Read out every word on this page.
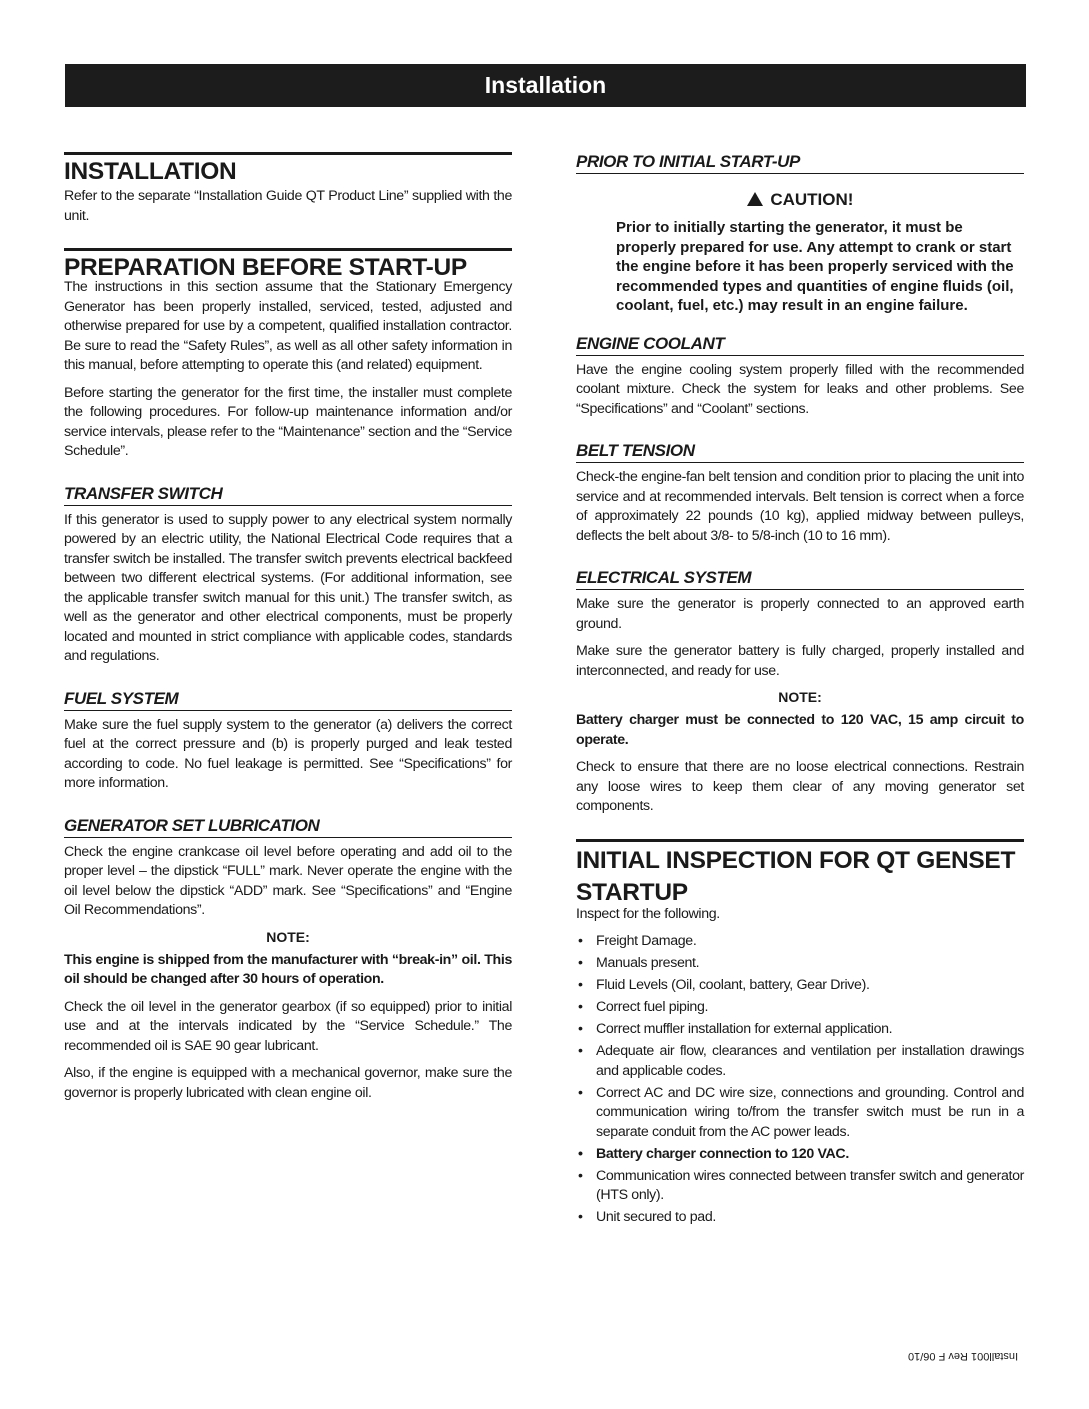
Installation
INSTALLATION

Refer to the separate “Installation Guide QT Product Line” supplied with the unit.

PREPARATION BEFORE START-UP

The instructions in this section assume that the Stationary Emergency Generator has been properly installed, serviced, tested, adjusted and otherwise prepared for use by a competent, qualified installation contractor. Be sure to read the “Safety Rules”, as well as all other safety information in this manual, before attempting to operate this (and related) equipment.

Before starting the generator for the first time, the installer must complete the following procedures. For follow-up maintenance information and/or service intervals, please refer to the “Maintenance” section and the “Service Schedule”.

TRANSFER SWITCH

If this generator is used to supply power to any electrical system normally powered by an electric utility, the National Electrical Code requires that a transfer switch be installed. The transfer switch prevents electrical backfeed between two different electrical systems. (For additional information, see the applicable transfer switch manual for this unit.) The transfer switch, as well as the generator and other electrical components, must be properly located and mounted in strict compliance with applicable codes, standards and regulations.

FUEL SYSTEM

Make sure the fuel supply system to the generator (a) delivers the correct fuel at the correct pressure and (b) is properly purged and leak tested according to code. No fuel leakage is permitted. See “Specifications” for more information.

GENERATOR SET LUBRICATION

Check the engine crankcase oil level before operating and add oil to the proper level – the dipstick “FULL” mark. Never operate the engine with the oil level below the dipstick “ADD” mark. See “Specifications” and “Engine Oil Recommendations”.

NOTE:

This engine is shipped from the manufacturer with “break-in” oil. This oil should be changed after 30 hours of operation.

Check the oil level in the generator gearbox (if so equipped) prior to initial use and at the intervals indicated by the “Service Schedule.” The recommended oil is SAE 90 gear lubricant.

Also, if the engine is equipped with a mechanical governor, make sure the governor is properly lubricated with clean engine oil.

PRIOR TO INITIAL START-UP
CAUTION!

Prior to initially starting the generator, it must be properly prepared for use. Any attempt to crank or start the engine before it has been properly serviced with the recommended types and quantities of engine fluids (oil, coolant, fuel, etc.) may result in an engine failure.

ENGINE COOLANT

Have the engine cooling system properly filled with the recommended coolant mixture. Check the system for leaks and other problems. See “Specifications” and “Coolant” sections.

BELT TENSION

Check-the engine-fan belt tension and condition prior to placing the unit into service and at recommended intervals. Belt tension is correct when a force of approximately 22 pounds (10 kg), applied midway between pulleys, deflects the belt about 3/8- to 5/8-inch (10 to 16 mm).

ELECTRICAL SYSTEM

Make sure the generator is properly connected to an approved earth ground.

Make sure the generator battery is fully charged, properly installed and interconnected, and ready for use.

NOTE:

Battery charger must be connected to 120 VAC, 15 amp circuit to operate.

Check to ensure that there are no loose electrical connections. Restrain any loose wires to keep them clear of any moving generator set components.

INITIAL INSPECTION FOR QT GENSET STARTUP

Inspect for the following.

• Freight Damage.
• Manuals present.
• Fluid Levels (Oil, coolant, battery, Gear Drive).
• Correct fuel piping.
• Correct muffler installation for external application.
• Adequate air flow, clearances and ventilation per installation drawings and applicable codes.
• Correct AC and DC wire size, connections and grounding. Control and communication wiring to/from the transfer switch must be run in a separate conduit from the AC power leads.
• Battery charger connection to 120 VAC.
• Communication wires connected between transfer switch and generator (HTS only).
• Unit secured to pad.
Install001 Rev F 06/10
